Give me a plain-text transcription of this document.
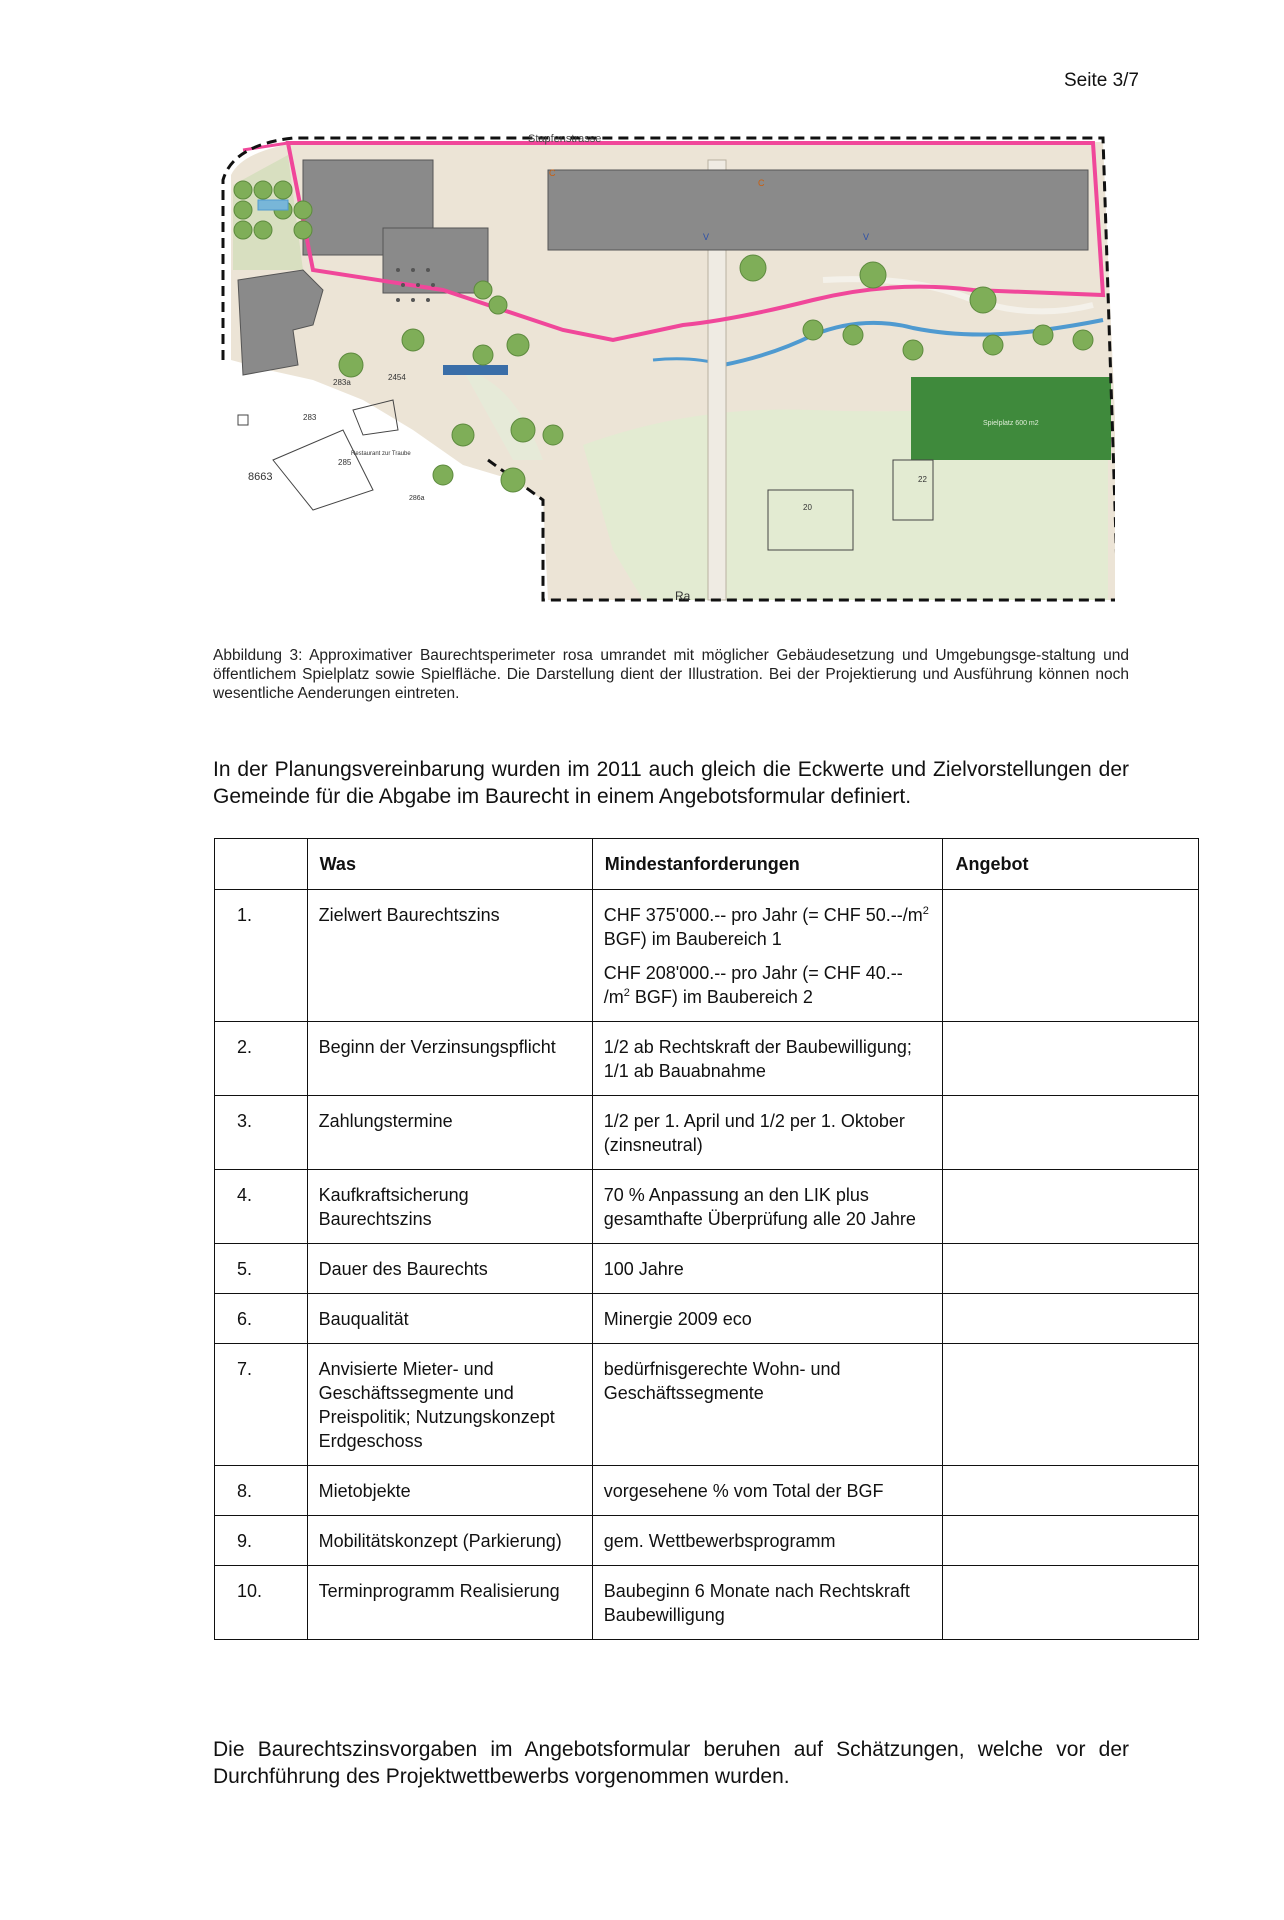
Seite 3/7
Spielplatz 600 m2
Stapfenstrasse
C
C
V	V
2454
283a
283
285
8663
20
22
286a
Restaurant zur Traube
Ra
Abbildung 3: Approximativer Baurechtsperimeter rosa umrandet mit möglicher Gebäudesetzung und Umgebungsge-staltung und öffentlichem Spielplatz sowie Spielfläche. Die Darstellung dient der Illustration. Bei der Projektierung und Ausführung können noch wesentliche Aenderungen eintreten.
In der Planungsvereinbarung wurden im 2011 auch gleich die Eckwerte und Zielvorstellungen der Gemeinde für die Abgabe im Baurecht in einem Angebotsformular definiert.
	Was	Mindestanforderungen	Angebot
1.	Zielwert Baurechtszins	CHF 375'000.-- pro Jahr (= CHF $50.--/m^2$ BGF) im Baubereich 1

CHF 208'000.-- pro Jahr (= CHF 40.-- $/m^2$ BGF) im Baubereich 2	

2.	Beginn der Verzinsungspflicht	1/2 ab Rechtskraft der Baubewilligung; 1/1 ab Bauabnahme	
3.	Zahlungstermine	1/2 per 1. April und 1/2 per 1. Oktober (zinsneutral)	
4.	Kaufkraftsicherung Baurechtszins	70 % Anpassung an den LIK plus gesamthafte Überprüfung alle 20 Jahre	
5.	Dauer des Baurechts	100 Jahre	
6.	Bauqualität	Minergie 2009 eco	
7.	Anvisierte Mieter- und Geschäftssegmente und Preispolitik; Nutzungskonzept Erdgeschoss	bedürfnisgerechte Wohn- und Geschäftssegmente	
8.	Mietobjekte	vorgesehene % vom Total der BGF	
9.	Mobilitätskonzept (Parkierung)	gem. Wettbewerbsprogramm	
10.	Terminprogramm Realisierung	Baubeginn 6 Monate nach Rechtskraft Baubewilligung	
Die Baurechtszinsvorgaben im Angebotsformular beruhen auf Schätzungen, welche vor der Durchführung des Projektwettbewerbs vorgenommen wurden.
